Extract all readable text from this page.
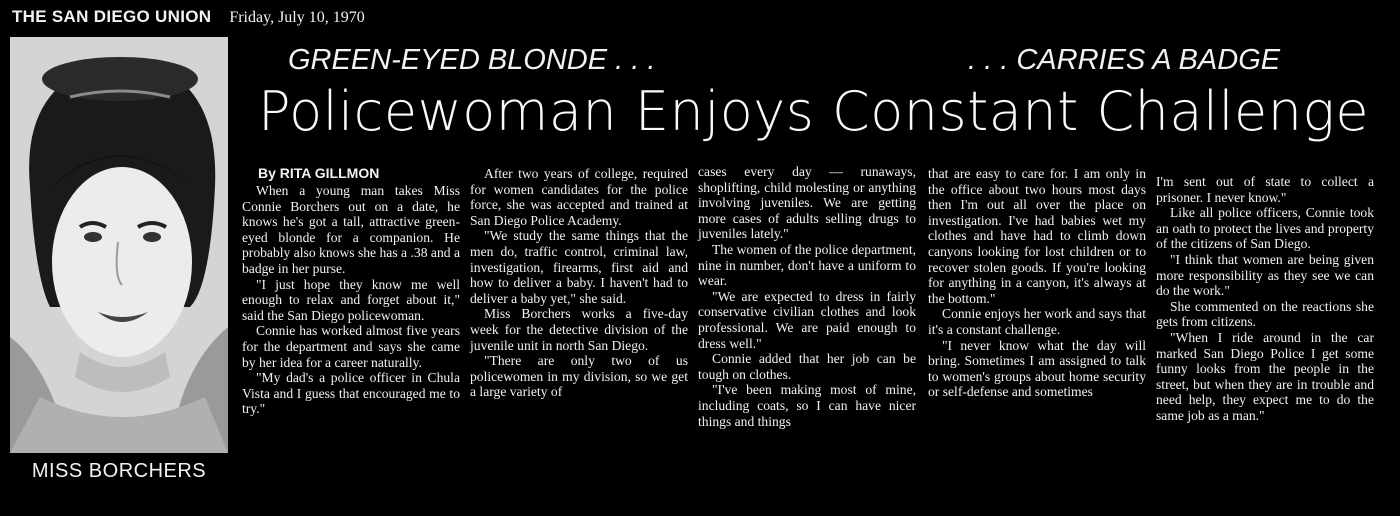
THE SAN DIEGO UNION Friday, July 10, 1970
MISS BORCHERS
GREEN-EYED BLONDE . . .	. . . CARRIES A BADGE
Policewoman Enjoys Constant Challenge
By RITA GILLMON

When a young man takes Miss Connie Borchers out on a date, he knows he's got a tall, attractive green-eyed blonde for a companion. He probably also knows she has a .38 and a badge in her purse.

"I just hope they know me well enough to relax and forget about it," said the San Diego policewoman.

Connie has worked almost five years for the department and says she came by her idea for a career naturally.

"My dad's a police officer in Chula Vista and I guess that encouraged me to try."

After two years of college, required for women candidates for the police force, she was accepted and trained at San Diego Police Academy.

"We study the same things that the men do, traffic control, criminal law, investigation, firearms, first aid and how to deliver a baby. I haven't had to deliver a baby yet," she said.

Miss Borchers works a five-day week for the detective division of the juvenile unit in north San Diego.

"There are only two of us policewomen in my division, so we get a large variety of

cases every day — runaways, shoplifting, child molesting or anything involving juveniles. We are getting more cases of adults selling drugs to juveniles lately."

The women of the police department, nine in number, don't have a uniform to wear.

"We are expected to dress in fairly conservative civilian clothes and look professional. We are paid enough to dress well."

Connie added that her job can be tough on clothes.

"I've been making most of mine, including coats, so I can have nicer things and things

that are easy to care for. I am only in the office about two hours most days then I'm out all over the place on investigation. I've had babies wet my clothes and have had to climb down canyons looking for lost children or to recover stolen goods. If you're looking for anything in a canyon, it's always at the bottom."

Connie enjoys her work and says that it's a constant challenge.

"I never know what the day will bring. Sometimes I am assigned to talk to women's groups about home security or self-defense and sometimes

I'm sent out of state to collect a prisoner. I never know."

Like all police officers, Connie took an oath to protect the lives and property of the citizens of San Diego.

"I think that women are being given more responsibility as they see we can do the work."

She commented on the reactions she gets from citizens.

"When I ride around in the car marked San Diego Police I get some funny looks from the people in the street, but when they are in trouble and need help, they expect me to do the same job as a man."
